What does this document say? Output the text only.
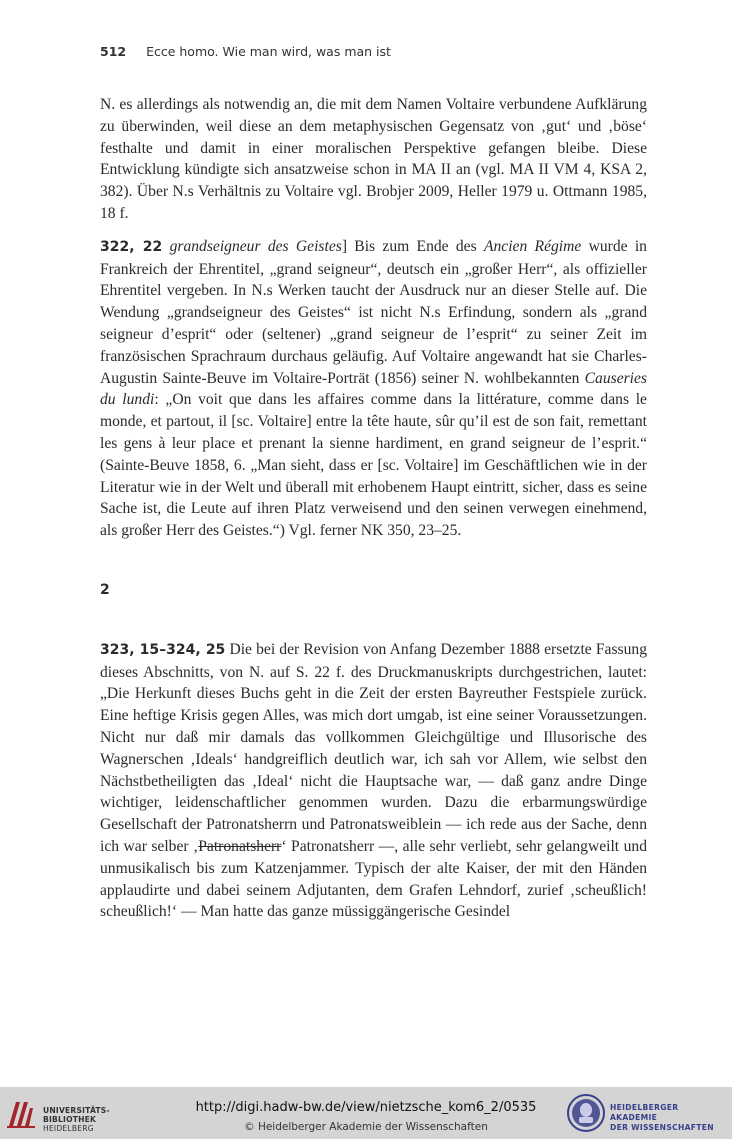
512 Ecce homo. Wie man wird, was man ist

N. es allerdings als notwendig an, die mit dem Namen Voltaire verbundene Aufklärung zu überwinden, weil diese an dem metaphysischen Gegensatz von ‚gut‘ und ‚böse‘ festhalte und damit in einer moralischen Perspektive gefangen bleibe. Diese Entwicklung kündigte sich ansatzweise schon in MA II an (vgl. MA II VM 4, KSA 2, 382). Über N.s Verhältnis zu Voltaire vgl. Brobjer 2009, Heller 1979 u. Ottmann 1985, 18 f.

322, 22 grandseigneur des Geistes] Bis zum Ende des Ancien Régime wurde in Frankreich der Ehrentitel, „grand seigneur“, deutsch ein „großer Herr“, als offizieller Ehrentitel vergeben. In N.s Werken taucht der Ausdruck nur an dieser Stelle auf. Die Wendung „grandseigneur des Geistes“ ist nicht N.s Erfindung, sondern als „grand seigneur d’esprit“ oder (seltener) „grand seigneur de l’esprit“ zu seiner Zeit im französischen Sprachraum durchaus geläufig. Auf Voltaire angewandt hat sie Charles-Augustin Sainte-Beuve im Voltaire-Porträt (1856) seiner N. wohlbekannten Causeries du lundi: „On voit que dans les affaires comme dans la littérature, comme dans le monde, et partout, il [sc. Voltaire] entre la tête haute, sûr qu’il est de son fait, remettant les gens à leur place et prenant la sienne hardiment, en grand seigneur de l’esprit.“ (Sainte-Beuve 1858, 6. „Man sieht, dass er [sc. Voltaire] im Geschäftlichen wie in der Literatur wie in der Welt und überall mit erhobenem Haupt eintritt, sicher, dass es seine Sache ist, die Leute auf ihren Platz verweisend und den seinen verwegen einehmend, als großer Herr des Geistes.“) Vgl. ferner NK 350, 23–25.

2

323, 15–324, 25 Die bei der Revision von Anfang Dezember 1888 ersetzte Fassung dieses Abschnitts, von N. auf S. 22 f. des Druckmanuskripts durchgestrichen, lautet: „Die Herkunft dieses Buchs geht in die Zeit der ersten Bayreuther Festspiele zurück. Eine heftige Krisis gegen Alles, was mich dort umgab, ist eine seiner Voraussetzungen. Nicht nur daß mir damals das vollkommen Gleichgültige und Illusorische des Wagnerschen ‚Ideals‘ handgreiflich deutlich war, ich sah vor Allem, wie selbst den Nächstbetheiligten das ‚Ideal‘ nicht die Hauptsache war, — daß ganz andre Dinge wichtiger, leidenschaftlicher genommen wurden. Dazu die erbarmungswürdige Gesellschaft der Patronatsherrn und Patronatsweiblein — ich rede aus der Sache, denn ich war selber ‚Patronatsherr‘ Patronatsherr —, alle sehr verliebt, sehr gelangweilt und unmusikalisch bis zum Katzenjammer. Typisch der alte Kaiser, der mit den Händen applaudirte und dabei seinem Adjutanten, dem Grafen Lehndorf, zurief ‚scheußlich! scheußlich!‘ — Man hatte das ganze müssiggängerische Gesindel

UNIVERSITÄTS-
BIBLIOTHEK
HEIDELBERG
http://digi.hadw-bw.de/view/nietzsche_kom6_2/0535
© Heidelberger Akademie der Wissenschaften
HEIDELBERGER AKADEMIE
DER WISSENSCHAFTEN
